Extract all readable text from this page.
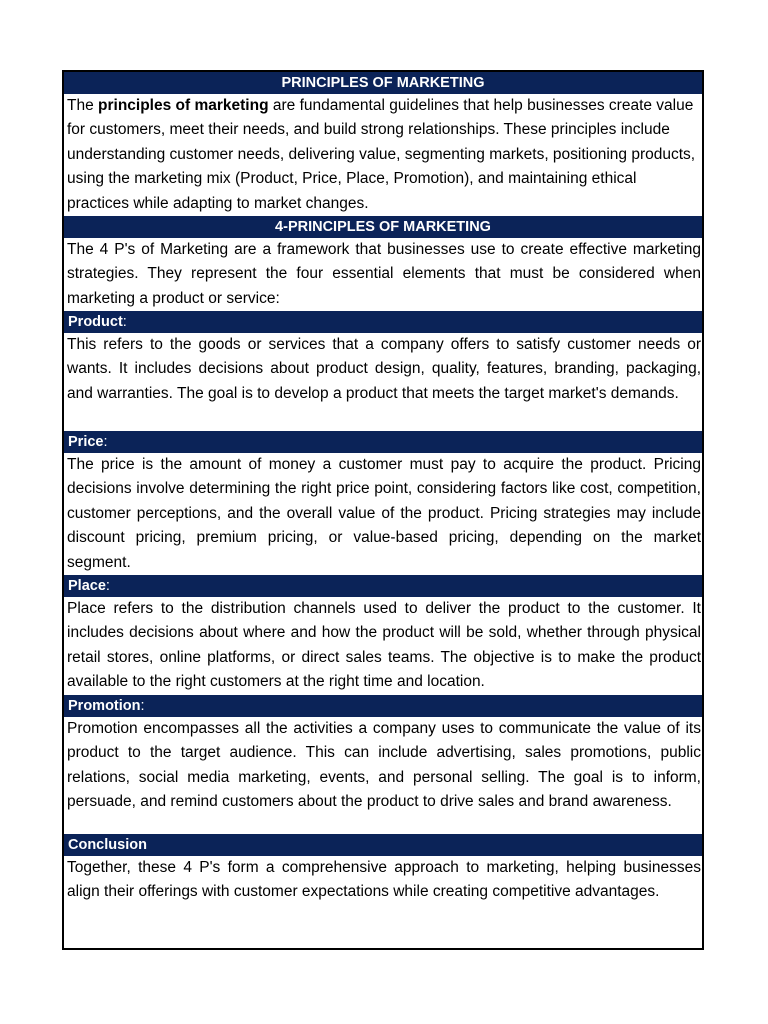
PRINCIPLES OF MARKETING
The principles of marketing are fundamental guidelines that help businesses create value for customers, meet their needs, and build strong relationships. These principles include understanding customer needs, delivering value, segmenting markets, positioning products, using the marketing mix (Product, Price, Place, Promotion), and maintaining ethical practices while adapting to market changes.
4-PRINCIPLES OF MARKETING
The 4 P's of Marketing are a framework that businesses use to create effective marketing strategies. They represent the four essential elements that must be considered when marketing a product or service:
Product:
This refers to the goods or services that a company offers to satisfy customer needs or wants. It includes decisions about product design, quality, features, branding, packaging, and warranties. The goal is to develop a product that meets the target market's demands.
Price:
The price is the amount of money a customer must pay to acquire the product. Pricing decisions involve determining the right price point, considering factors like cost, competition, customer perceptions, and the overall value of the product. Pricing strategies may include discount pricing, premium pricing, or value-based pricing, depending on the market segment.
Place:
Place refers to the distribution channels used to deliver the product to the customer. It includes decisions about where and how the product will be sold, whether through physical retail stores, online platforms, or direct sales teams. The objective is to make the product available to the right customers at the right time and location.
Promotion:
Promotion encompasses all the activities a company uses to communicate the value of its product to the target audience. This can include advertising, sales promotions, public relations, social media marketing, events, and personal selling. The goal is to inform, persuade, and remind customers about the product to drive sales and brand awareness.
Conclusion
Together, these 4 P's form a comprehensive approach to marketing, helping businesses align their offerings with customer expectations while creating competitive advantages.
